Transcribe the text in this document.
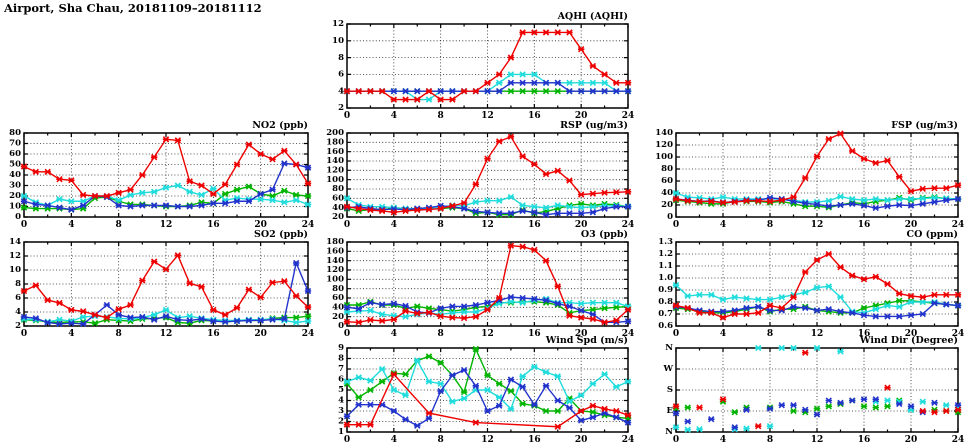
AQHI (AQHI)
NO2 (ppb)	RSP (ug/m3)	FSP (ug/m3)
SO2 (ppb)	O3 (ppb)	CO (ppm)
Wind Spd (m/s)	Wind Dir (Degree)
